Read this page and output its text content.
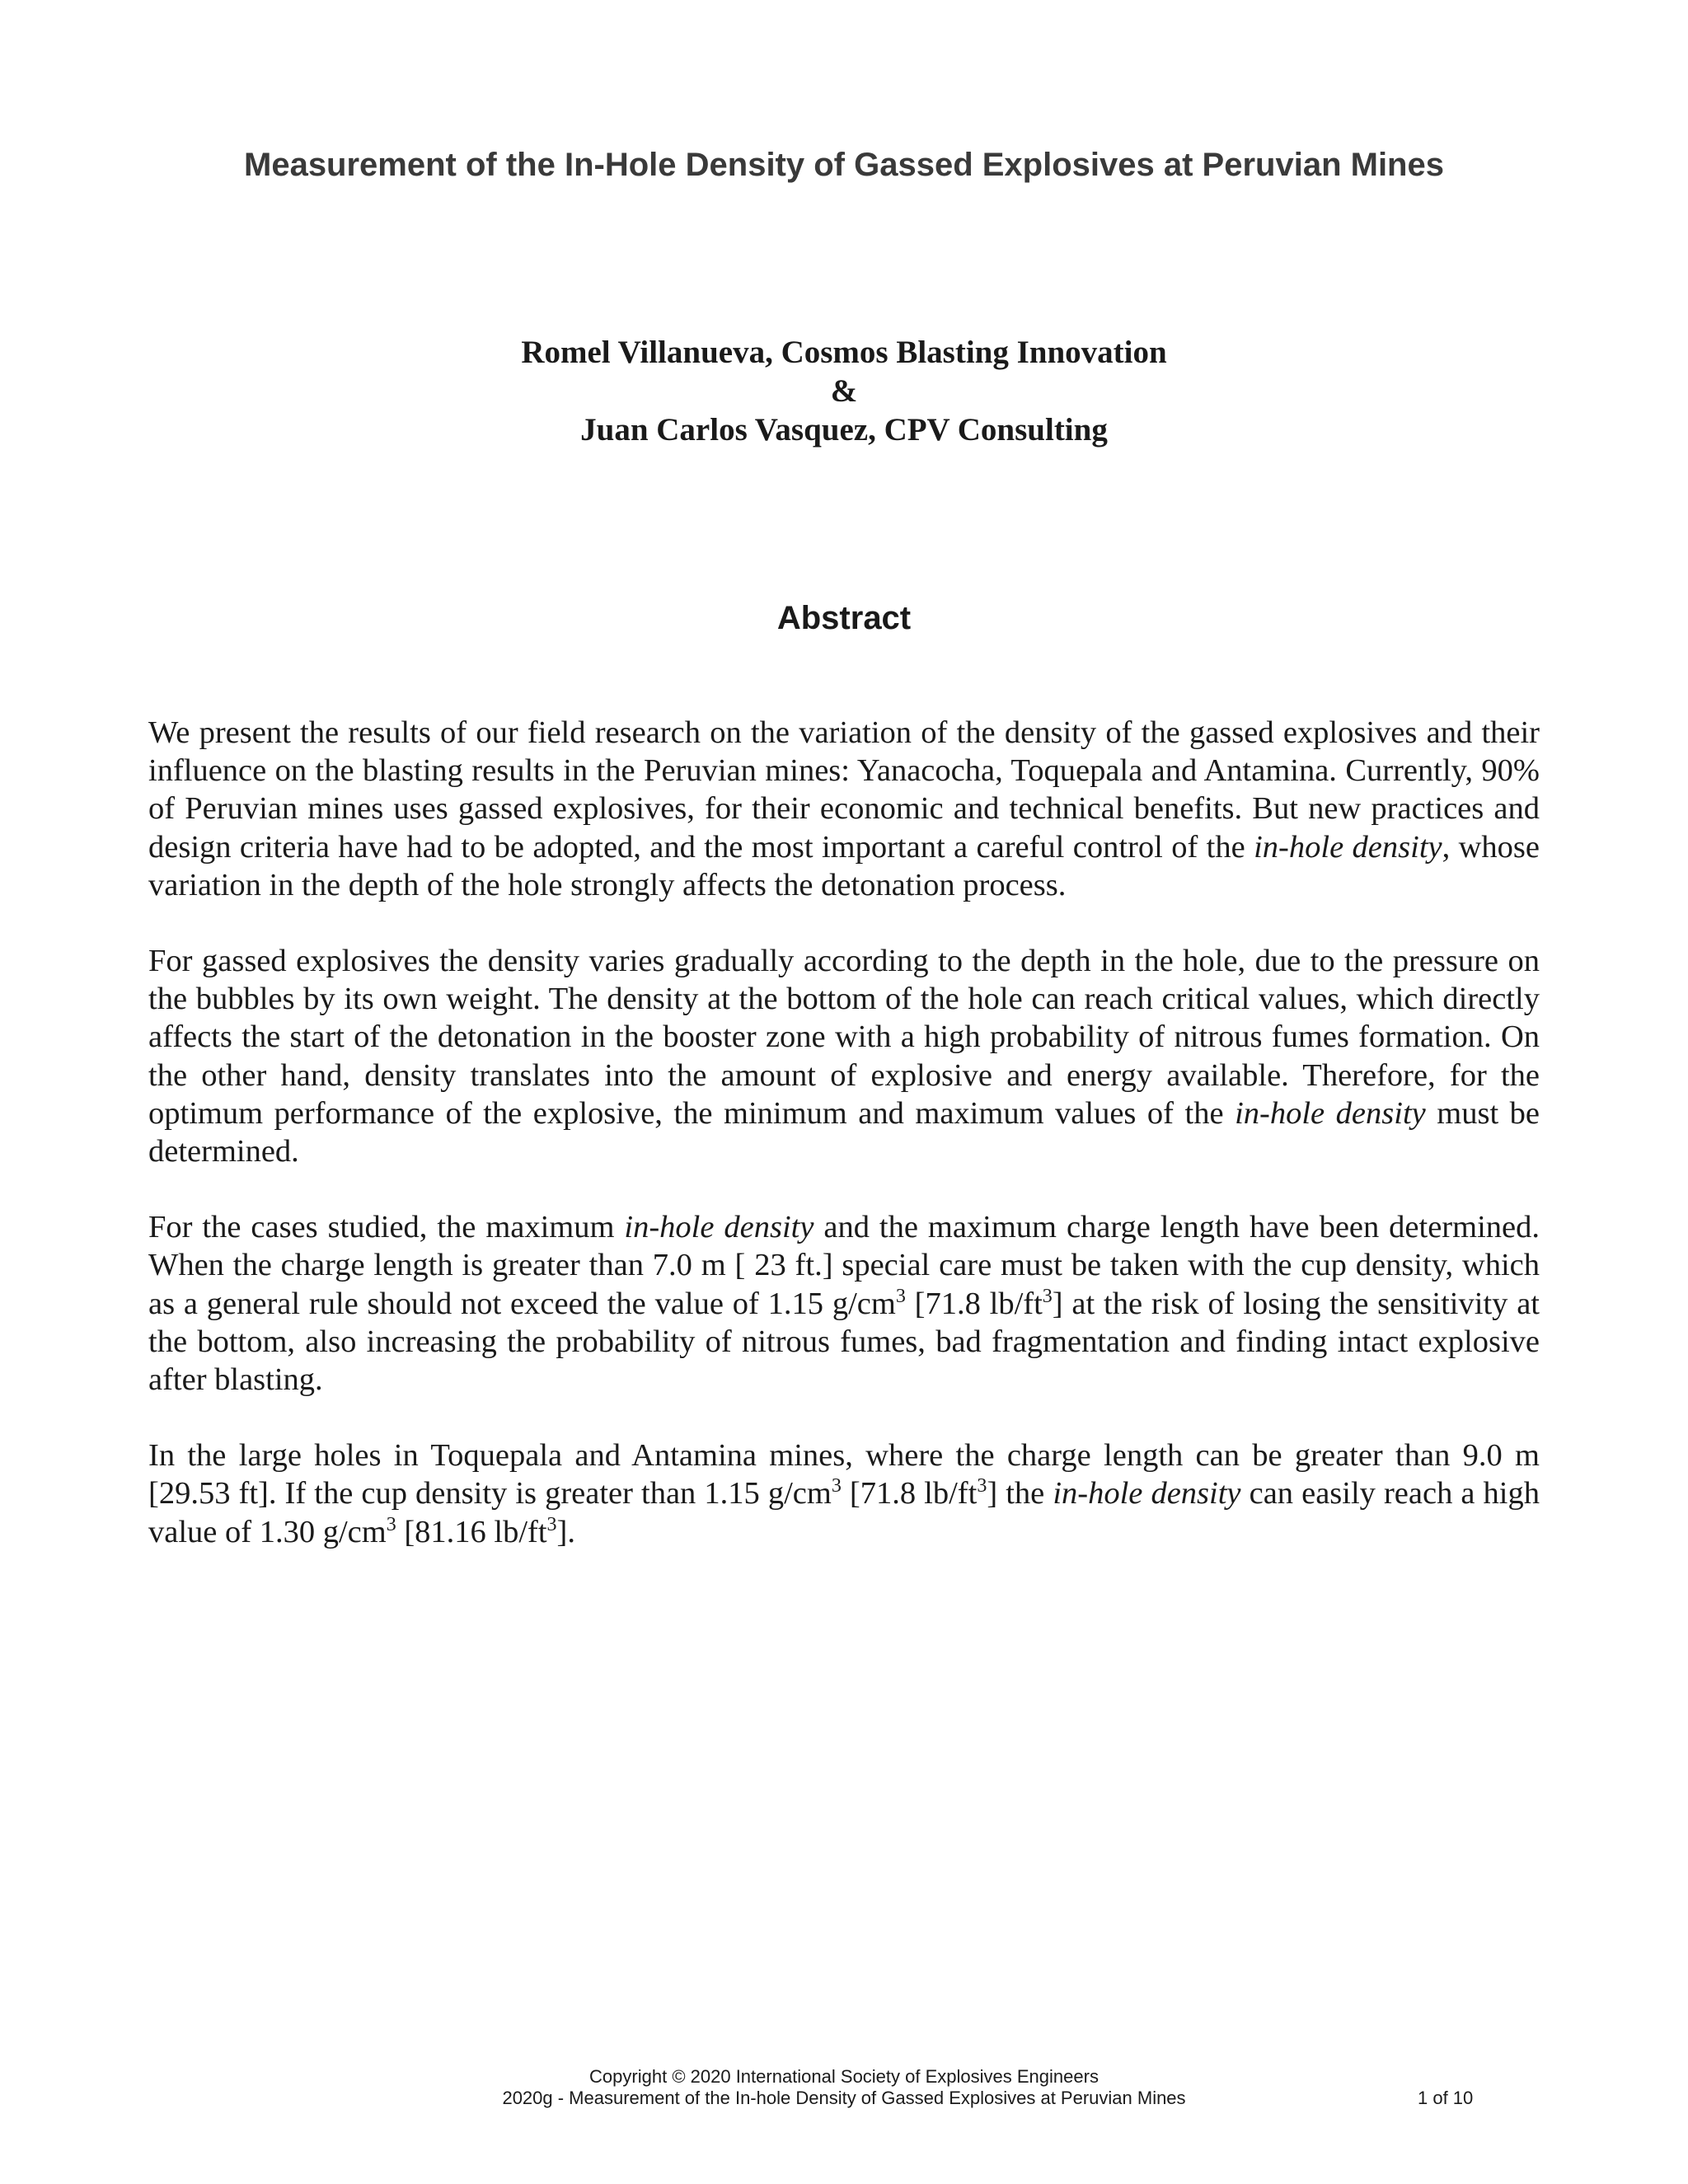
Measurement of the In-Hole Density of Gassed Explosives at Peruvian Mines
Romel Villanueva, Cosmos Blasting Innovation
&
Juan Carlos Vasquez, CPV Consulting
Abstract

We present the results of our field research on the variation of the density of the gassed explosives and their influence on the blasting results in the Peruvian mines: Yanacocha, Toquepala and Antamina. Currently, 90% of Peruvian mines uses gassed explosives, for their economic and technical benefits. But new practices and design criteria have had to be adopted, and the most important a careful control of the in-hole density, whose variation in the depth of the hole strongly affects the detonation process.

For gassed explosives the density varies gradually according to the depth in the hole, due to the pressure on the bubbles by its own weight. The density at the bottom of the hole can reach critical values, which directly affects the start of the detonation in the booster zone with a high probability of nitrous fumes formation. On the other hand, density translates into the amount of explosive and energy available. Therefore, for the optimum performance of the explosive, the minimum and maximum values of the in-hole density must be determined.

For the cases studied, the maximum in-hole density and the maximum charge length have been determined. When the charge length is greater than 7.0 m [ 23 ft.] special care must be taken with the cup density, which as a general rule should not exceed the value of 1.15 $g/cm^3$ [71.8 $lb/ft^3$] at the risk of losing the sensitivity at the bottom, also increasing the probability of nitrous fumes, bad fragmentation and finding intact explosive after blasting.

In the large holes in Toquepala and Antamina mines, where the charge length can be greater than 9.0 m [29.53 ft]. If the cup density is greater than 1.15 $g/cm^3$ [71.8 $lb/ft^3$] the in-hole density can easily reach a high value of 1.30 $g/cm^3$ [81.16 $lb/ft^3$].

Copyright © 2020 International Society of Explosives Engineers
2020g - Measurement of the In-hole Density of Gassed Explosives at Peruvian Mines	1 of 10
